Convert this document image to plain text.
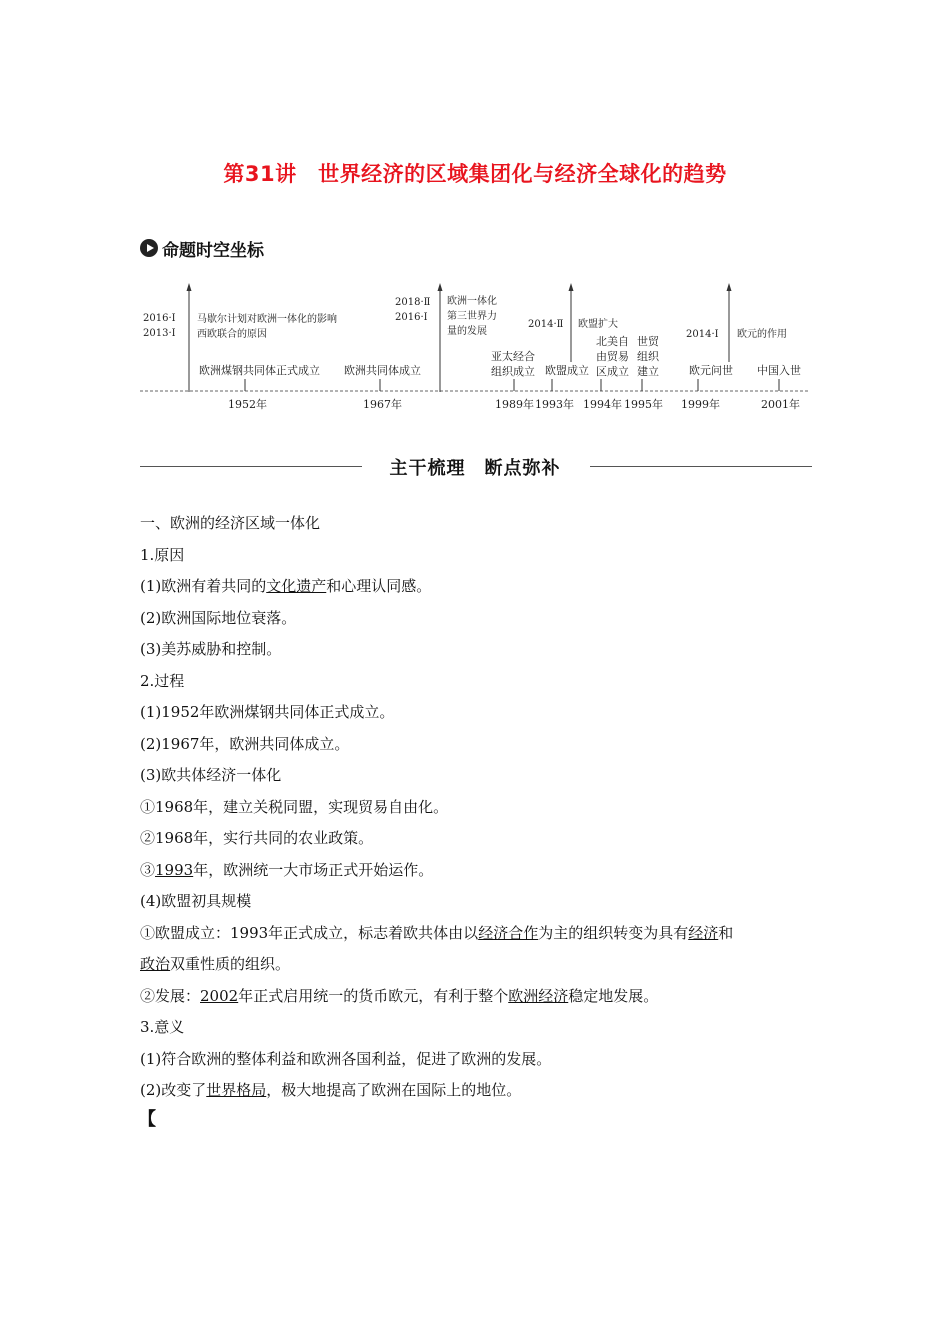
第31讲　世界经济的区域集团化与经济全球化的趋势
命题时空坐标
2016·Ⅰ
2013·Ⅰ
2018·Ⅱ
2016·Ⅰ
2014·Ⅱ
2014·Ⅰ
马歇尔计划对欧洲一体化的影响
西欧联合的原因
欧洲一体化
第三世界力
量的发展
欧盟扩大
欧元的作用
欧洲煤钢共同体正式成立 欧洲共同体成立
亚太经合
组织成立 欧盟成立
北美自
由贸易
区成立
世贸
组织
建立	欧元问世 中国入世
1952年	1967年	1989年 1993年 1994年 1995年 1999年	2001年
主干梳理　断点弥补

一、欧洲的经济区域一体化

1.原因

(1)欧洲有着共同的文化遗产和心理认同感。

(2)欧洲国际地位衰落。

(3)美苏威胁和控制。

2.过程

(1)1952年欧洲煤钢共同体正式成立。

(2)1967年，欧洲共同体成立。

(3)欧共体经济一体化

①1968年，建立关税同盟，实现贸易自由化。

②1968年，实行共同的农业政策。

③1993年，欧洲统一大市场正式开始运作。

(4)欧盟初具规模

①欧盟成立：1993年正式成立，标志着欧共体由以经济合作为主的组织转变为具有经济和

政治双重性质的组织。

②发展：2002年正式启用统一的货币欧元，有利于整个欧洲经济稳定地发展。

3.意义

(1)符合欧洲的整体利益和欧洲各国利益，促进了欧洲的发展。

(2)改变了世界格局，极大地提高了欧洲在国际上的地位。

【
